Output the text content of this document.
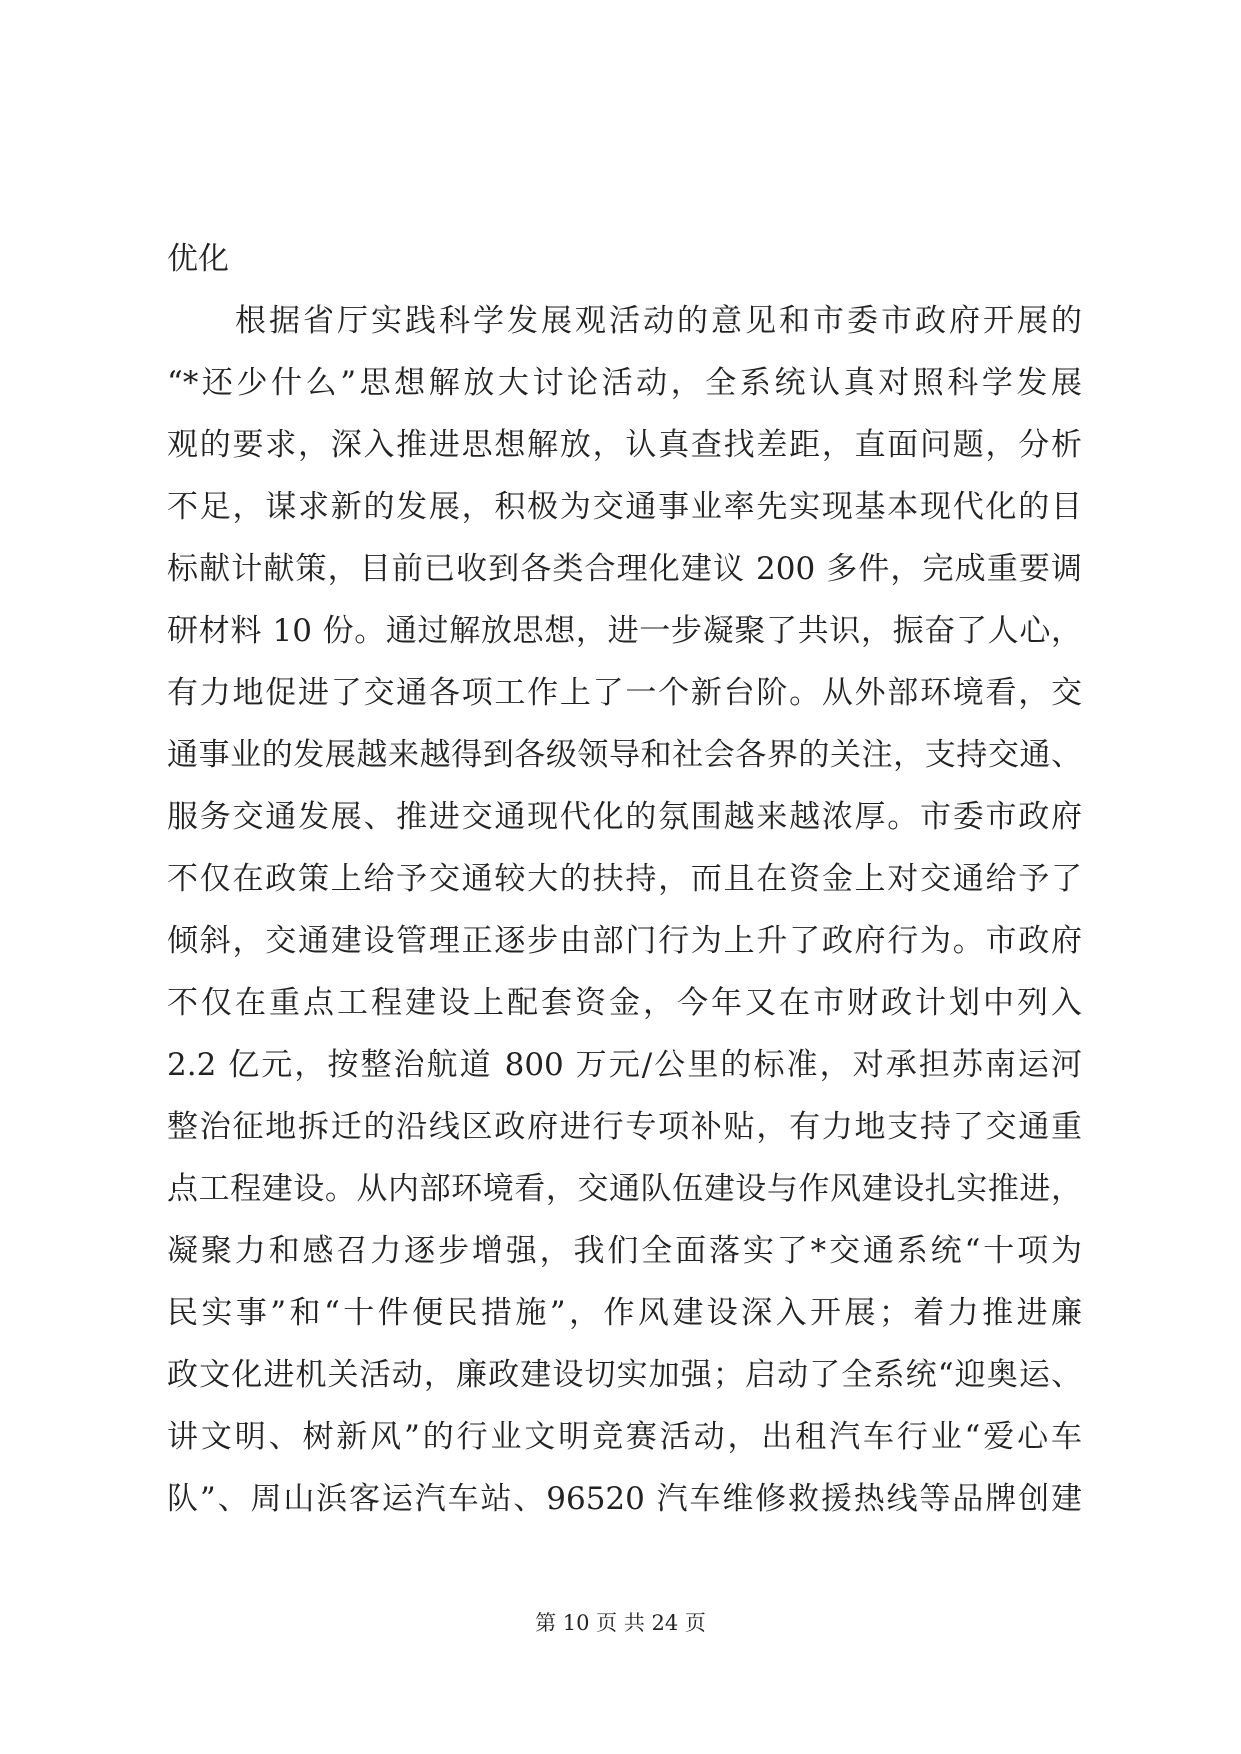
优化
　　根据省厅实践科学发展观活动的意见和市委市政府开展的
“*还少什么”思想解放大讨论活动，全系统认真对照科学发展
观的要求，深入推进思想解放，认真查找差距，直面问题，分析
不足，谋求新的发展，积极为交通事业率先实现基本现代化的目
标献计献策，目前已收到各类合理化建议 200 多件，完成重要调
研材料 10 份。通过解放思想，进一步凝聚了共识，振奋了人心，
有力地促进了交通各项工作上了一个新台阶。从外部环境看，交
通事业的发展越来越得到各级领导和社会各界的关注，支持交通、
服务交通发展、推进交通现代化的氛围越来越浓厚。市委市政府
不仅在政策上给予交通较大的扶持，而且在资金上对交通给予了
倾斜，交通建设管理正逐步由部门行为上升了政府行为。市政府
不仅在重点工程建设上配套资金，今年又在市财政计划中列入
2.2 亿元，按整治航道 800 万元/公里的标准，对承担苏南运河
整治征地拆迁的沿线区政府进行专项补贴，有力地支持了交通重
点工程建设。从内部环境看，交通队伍建设与作风建设扎实推进，
凝聚力和感召力逐步增强，我们全面落实了*交通系统“十项为
民实事”和“十件便民措施”，作风建设深入开展；着力推进廉
政文化进机关活动，廉政建设切实加强；启动了全系统“迎奥运、
讲文明、树新风”的行业文明竞赛活动，出租汽车行业“爱心车
队”、周山浜客运汽车站、96520 汽车维修救援热线等品牌创建
第 10 页 共 24 页
